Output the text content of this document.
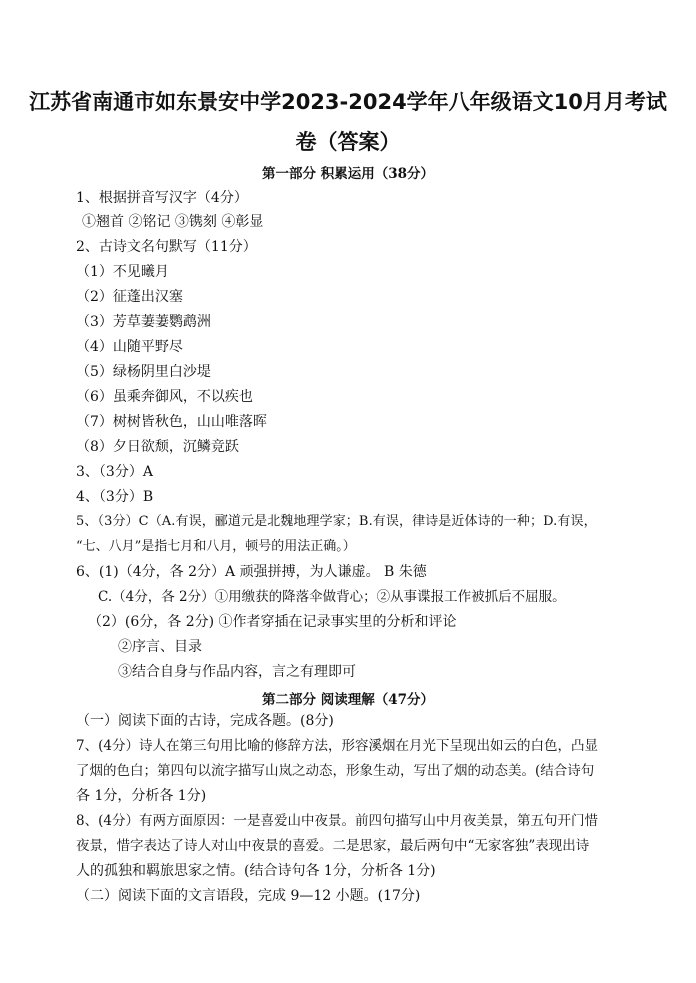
江苏省南通市如东景安中学2023-2024学年八年级语文10月月考试
卷（答案）
第一部分 积累运用（38分）
1、根据拼音写汉字（4分）
①翘首 ②铭记 ③镌刻 ④彰显
2、古诗文名句默写（11分）
（1）不见曦月
（2）征蓬出汉塞
（3）芳草萋萋鹦鹉洲
（4）山随平野尽
（5）绿杨阴里白沙堤
（6）虽乘奔御风，不以疾也
（7）树树皆秋色，山山唯落晖
（8）夕日欲颓，沉鳞竞跃
3、（3分）A
4、（3分）B
5、（3分）C（A.有误，郦道元是北魏地理学家；B.有误，律诗是近体诗的一种；D.有误，
“七、八月”是指七月和八月，顿号的用法正确。）
6、(1)（4分，各 2分）A 顽强拼搏，为人谦虚。 B 朱德
C.（4分，各 2分）①用缴获的降落伞做背心；②从事谍报工作被抓后不屈服。
（2）(6分，各 2分) ①作者穿插在记录事实里的分析和评论
②序言、目录
③结合自身与作品内容，言之有理即可
第二部分 阅读理解（47分）
（一）阅读下面的古诗，完成各题。(8分)
7、(4分）诗人在第三句用比喻的修辞方法，形容溪烟在月光下呈现出如云的白色，凸显
了烟的色白；第四句以流字描写山岚之动态，形象生动，写出了烟的动态美。(结合诗句
各 1分，分析各 1分)
8、(4分）有两方面原因：一是喜爱山中夜景。前四句描写山中月夜美景，第五句开门惜
夜景，惜字表达了诗人对山中夜景的喜爱。二是思家，最后两句中“无家客独”表现出诗
人的孤独和羁旅思家之情。(结合诗句各 1分，分析各 1分)
（二）阅读下面的文言语段，完成 9—12 小题。(17分)
